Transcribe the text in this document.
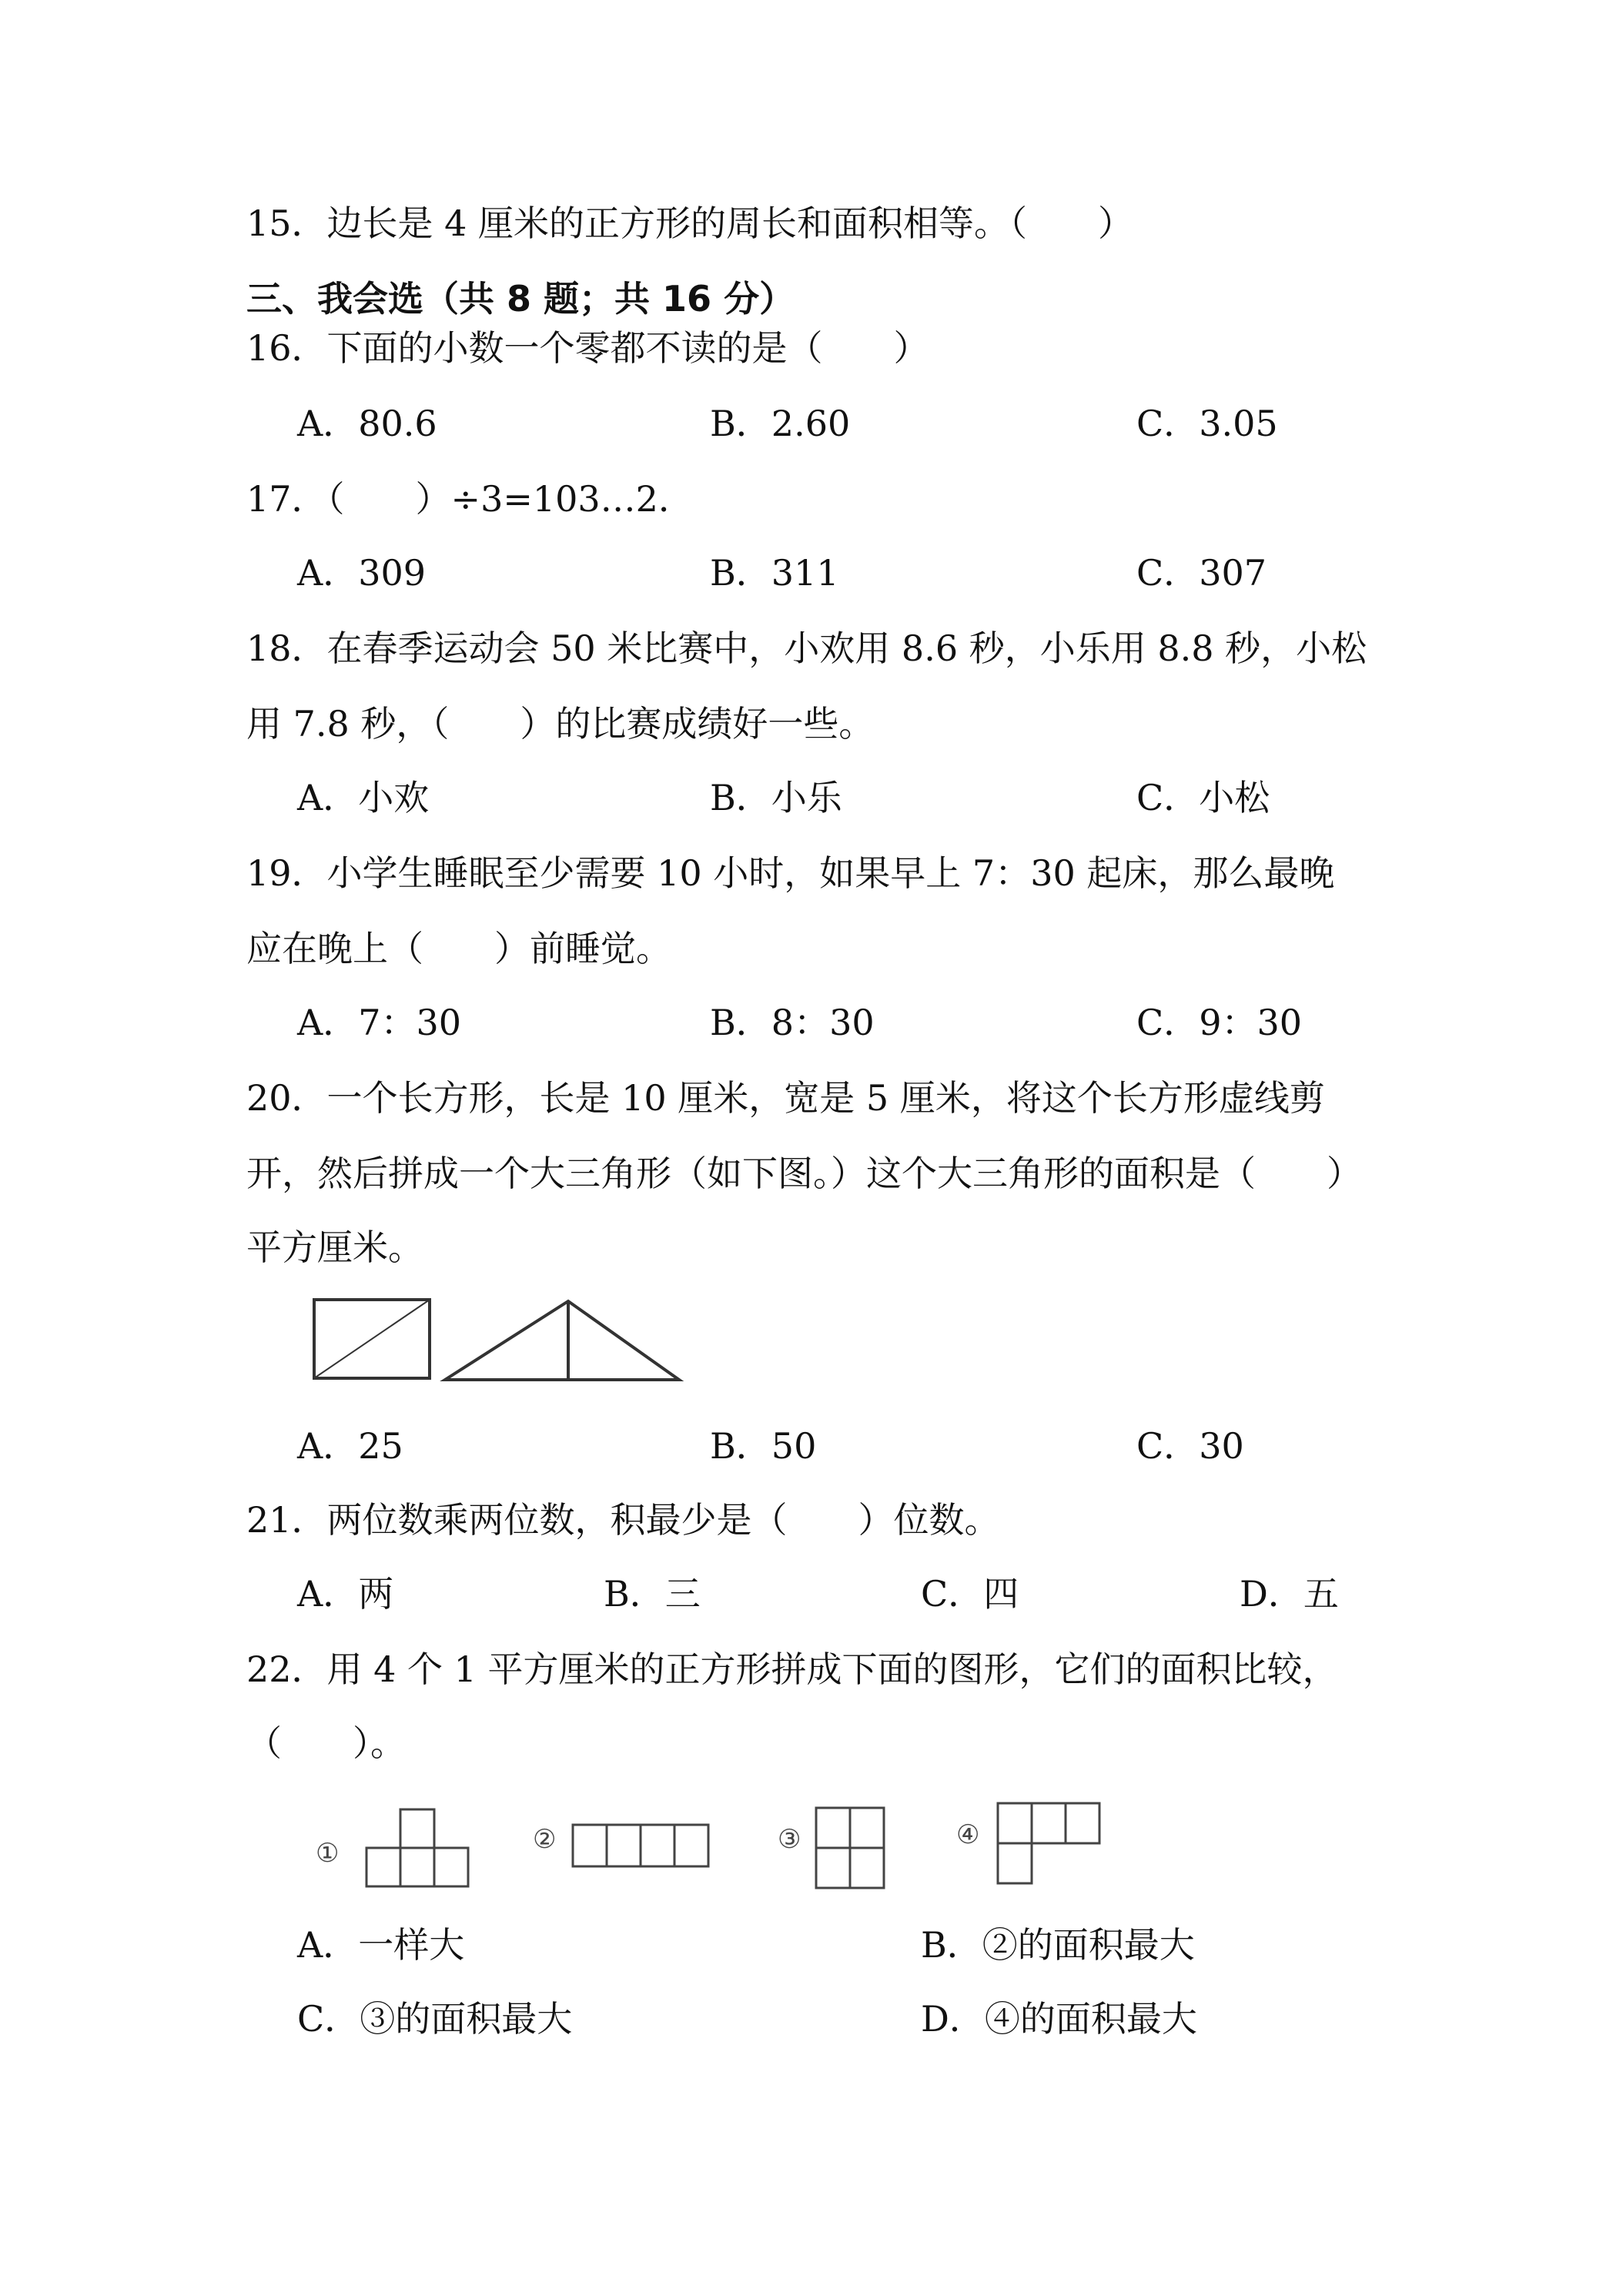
15．边长是 4 厘米的正方形的周长和面积相等。（　　）
三、我会选（共 8 题；共 16 分）
16．下面的小数一个零都不读的是（　　）
A．80.6	B．2.60	C．3.05
17．（　　）÷3=103…2．
A．309	B．311	C．307
18．在春季运动会 50 米比赛中，小欢用 8.6 秒，小乐用 8.8 秒，小松
用 7.8 秒，（　　）的比赛成绩好一些。
A．小欢	B．小乐	C．小松
19．小学生睡眠至少需要 10 小时，如果早上 7：30 起床，那么最晚
应在晚上（　　）前睡觉。
A．7：30	B．8：30	C．9：30
20．一个长方形，长是 10 厘米，宽是 5 厘米，将这个长方形虚线剪
开，然后拼成一个大三角形（如下图。）这个大三角形的面积是（　　）
平方厘米。
A．25	B．50	C．30
21．两位数乘两位数，积最少是（　　）位数。
A．两	B．三	C．四	D．五
22．用 4 个 1 平方厘米的正方形拼成下面的图形，它们的面积比较，
（　　）。
①	②	③	④
A．一样大	B．②的面积最大
C．③的面积最大	D．④的面积最大
